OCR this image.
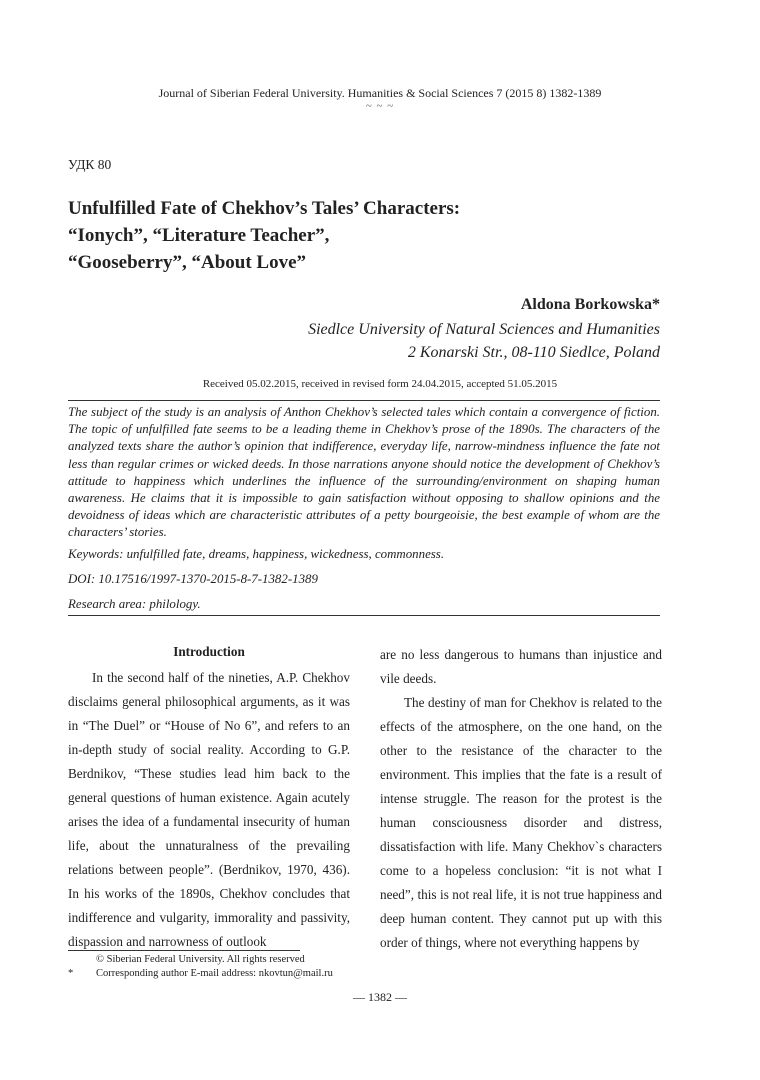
Journal of Siberian Federal University. Humanities & Social Sciences 7 (2015 8) 1382-1389
~ ~ ~
УДК 80
Unfulfilled Fate of Chekhov’s Tales’ Characters:
“Ionych”, “Literature Teacher”,
“Gooseberry”, “About Love”
Aldona Borkowska*
Siedlce University of Natural Sciences and Humanities
2 Konarski Str., 08-110 Siedlce, Poland
Received 05.02.2015, received in revised form 24.04.2015, accepted 51.05.2015
The subject of the study is an analysis of Anthon Chekhov’s selected tales which contain a convergence of fiction. The topic of unfulfilled fate seems to be a leading theme in Chekhov’s prose of the 1890s. The characters of the analyzed texts share the author’s opinion that indifference, everyday life, narrow-mindness influence the fate not less than regular crimes or wicked deeds. In those narrations anyone should notice the development of Chekhov’s attitude to happiness which underlines the influence of the surrounding/environment on shaping human awareness. He claims that it is impossible to gain satisfaction without opposing to shallow opinions and the devoidness of ideas which are characteristic attributes of a petty bourgeoisie, the best example of whom are the characters’ stories.
Keywords: unfulfilled fate, dreams, happiness, wickedness, commonness.
DOI: 10.17516/1997-1370-2015-8-7-1382-1389
Research area: philology.
Introduction

In the second half of the nineties, A.P. Chekhov disclaims general philosophical arguments, as it was in “The Duel” or “House of No 6”, and refers to an in-depth study of social reality. According to G.P. Berdnikov, “These studies lead him back to the general questions of human existence. Again acutely arises the idea of a fundamental insecurity of human life, about the unnaturalness of the prevailing relations between people”. (Berdnikov, 1970, 436). In his works of the 1890s, Chekhov concludes that indifference and vulgarity, immorality and passivity, dispassion and narrowness of outlook

are no less dangerous to humans than injustice and vile deeds.

The destiny of man for Chekhov is related to the effects of the atmosphere, on the one hand, on the other to the resistance of the character to the environment. This implies that the fate is a result of intense struggle. The reason for the protest is the human consciousness disorder and distress, dissatisfaction with life. Many Chekhov`s characters come to a hopeless conclusion: “it is not what I need”, this is not real life, it is not true happiness and deep human content. They cannot put up with this order of things, where not everything happens by

© Siberian Federal University. All rights reserved
* Corresponding author E-mail address: nkovtun@mail.ru
— 1382 —
